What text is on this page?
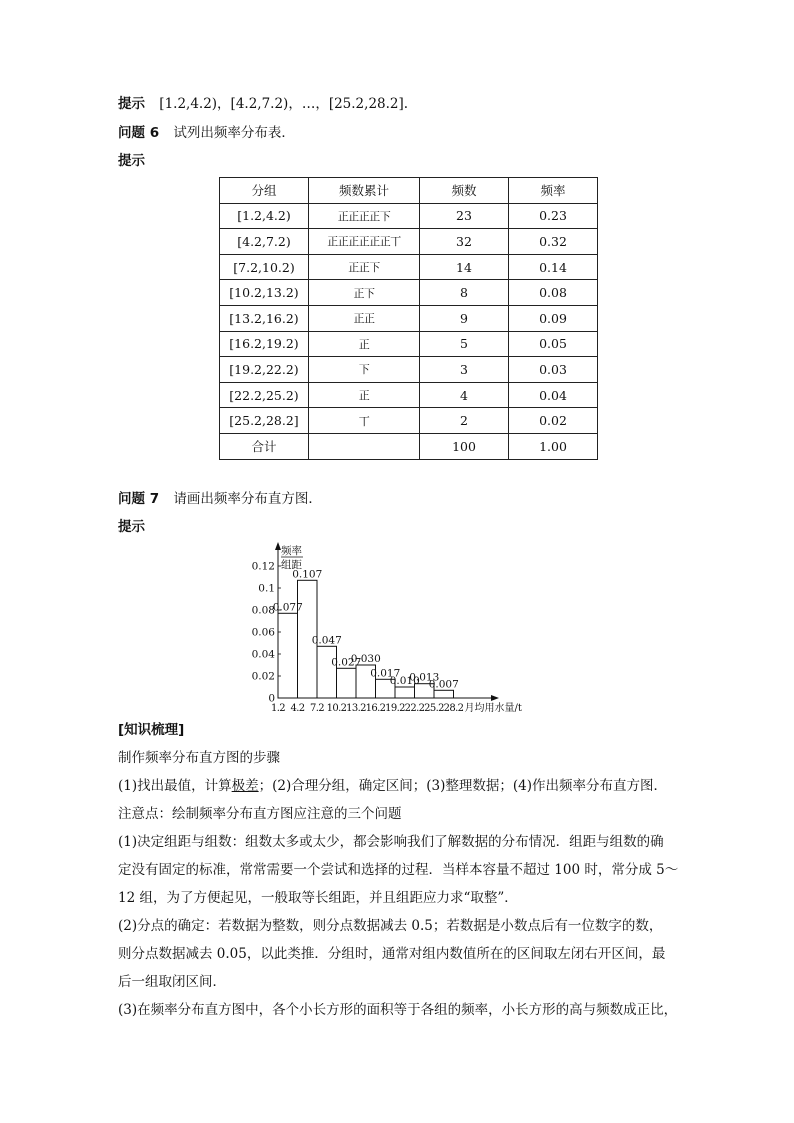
提示 [1.2,4.2)，[4.2,7.2)，…，[25.2,28.2].
问题 6 试列出频率分布表．
提示
分组	频数累计	频数	频率
[1.2,4.2)	正正正正下	23	0.23
[4.2,7.2)	正正正正正正丅	32	0.32
[7.2,10.2)	正正下	14	0.14
[10.2,13.2)	正下	8	0.08
[13.2,16.2)	正正	9	0.09
[16.2,19.2)	正	5	0.05
[19.2,22.2)	下	3	0.03
[22.2,25.2)	正	4	0.04
[25.2,28.2]	丅	2	0.02
合计		100	1.00
问题 7 请画出频率分布直方图．
提示
频率
组距
0
0.02
0.04
0.06
0.08
0.1
0.12
1.2 4.2 7.2 10.2 13.2 16.2 19.2 22.2 25.2 28.2 月均用水量/t
0.077
0.107
0.047
0.027
0.030
0.017
0.010
0.013
0.007
[知识梳理]
制作频率分布直方图的步骤
(1)找出最值，计算极差；(2)合理分组，确定区间；(3)整理数据；(4)作出频率分布直方图．
注意点：绘制频率分布直方图应注意的三个问题
(1)决定组距与组数：组数太多或太少，都会影响我们了解数据的分布情况．组距与组数的确
定没有固定的标准，常常需要一个尝试和选择的过程．当样本容量不超过 100 时，常分成 5～
12 组，为了方便起见，一般取等长组距，并且组距应力求“取整”．
(2)分点的确定：若数据为整数，则分点数据减去 0.5；若数据是小数点后有一位数字的数，
则分点数据减去 0.05，以此类推．分组时，通常对组内数值所在的区间取左闭右开区间，最
后一组取闭区间．
(3)在频率分布直方图中，各个小长方形的面积等于各组的频率，小长方形的高与频数成正比，
